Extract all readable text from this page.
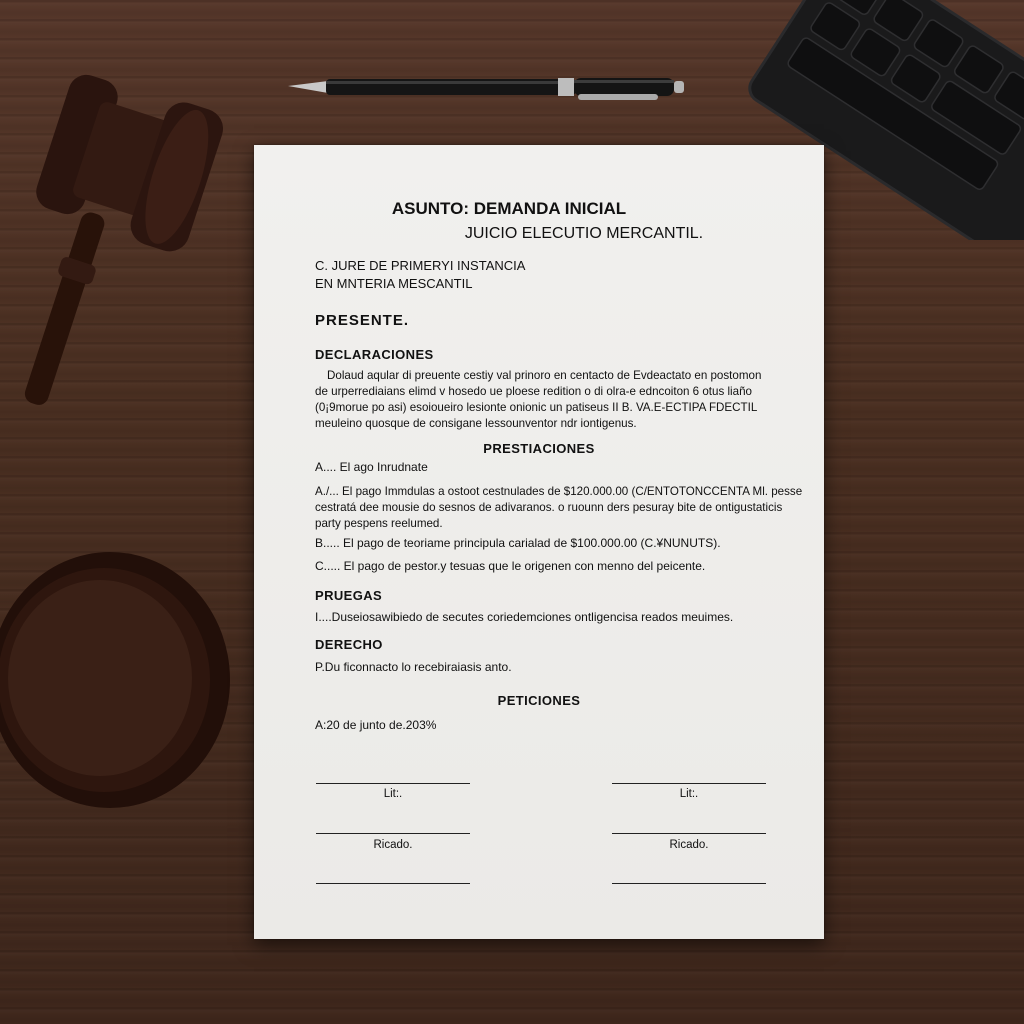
ASUNTO: DEMANDA INICIAL
JUICIO ELECUTIO MERCANTIL.
C. JURE DE PRIMERYI INSTANCIA
EN MNTERIA MESCANTIL
PRESENTE.
DECLARACIONES

Dolaud aqular di preuente cestiy val prinoro en centacto de Evdeactato en postomon

de urperrediaians elimd v hosedo ue ploese redition o di olra-e edncoiton 6 otus liaño

(0¡9morue po asi) esoioueiro lesionte onionic un patiseus II B. VA.E-ECTIPA FDECTIL

meuleino quosque de consigane lessounventor ndr iontigenus.

PRESTIACIONES
A.... El ago Inrudnate

A./... El pago Immdulas a ostoot cestnulades de $120.000.00 (C/ENTOTONCCENTA Ml. pesse

cestratá dee mousie do sesnos de adivaranos. o ruounn ders pesuray bite de ontigustaticis

party pespens reelumed.

B..... El pago de teoriame principula carialad de $100.000.00 (C.¥NUNUTS).
C..... El pago de pestor.y tesuas que le origenen con menno del peicente.
PRUEGAS
I....Duseiosawibiedo de secutes coriedemciones ontligencisa reados meuimes.
DERECHO
P.Du ficonnacto lo recebiraiasis anto.
PETICIONES
A:20 de junto de.203%
Lit:.
Ricado.
Lit:.
Ricado.
